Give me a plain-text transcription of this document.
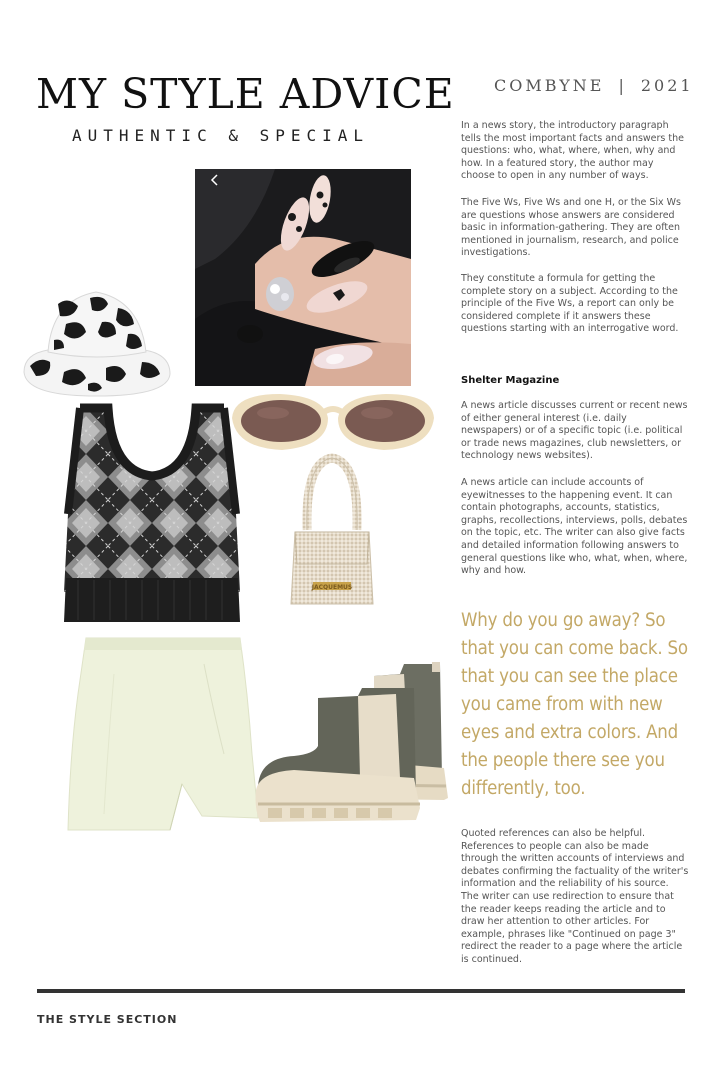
MY STYLE ADVICE
AUTHENTIC & SPECIAL
COMBYNE | 2021

In a news story, the introductory paragraph tells the most important facts and answers the questions: who, what, where, when, why and how. In a featured story, the author may choose to open in any number of ways.

The Five Ws, Five Ws and one H, or the Six Ws are questions whose answers are considered basic in information-gathering. They are often mentioned in journalism, research, and police investigations.

They constitute a formula for getting the complete story on a subject. According to the principle of the Five Ws, a report can only be considered complete if it answers these questions starting with an interrogative word.

Shelter Magazine

A news article discusses current or recent news of either general interest (i.e. daily newspapers) or of a specific topic (i.e. political or trade news magazines, club newsletters, or technology news websites).

A news article can include accounts of eyewitnesses to the happening event. It can contain photographs, accounts, statistics, graphs, recollections, interviews, polls, debates on the topic, etc. The writer can also give facts and detailed information following answers to general questions like who, what, when, where, why and how.

Why do you go away? So that you can come back. So that you can see the place you came from with new eyes and extra colors. And the people there see you differently, too.

Quoted references can also be helpful. References to people can also be made through the written accounts of interviews and debates confirming the factuality of the writer's information and the reliability of his source. The writer can use redirection to ensure that the reader keeps reading the article and to draw her attention to other articles. For example, phrases like "Continued on page 3" redirect the reader to a page where the article is continued.

THE STYLE SECTION
JACQUEMUS
